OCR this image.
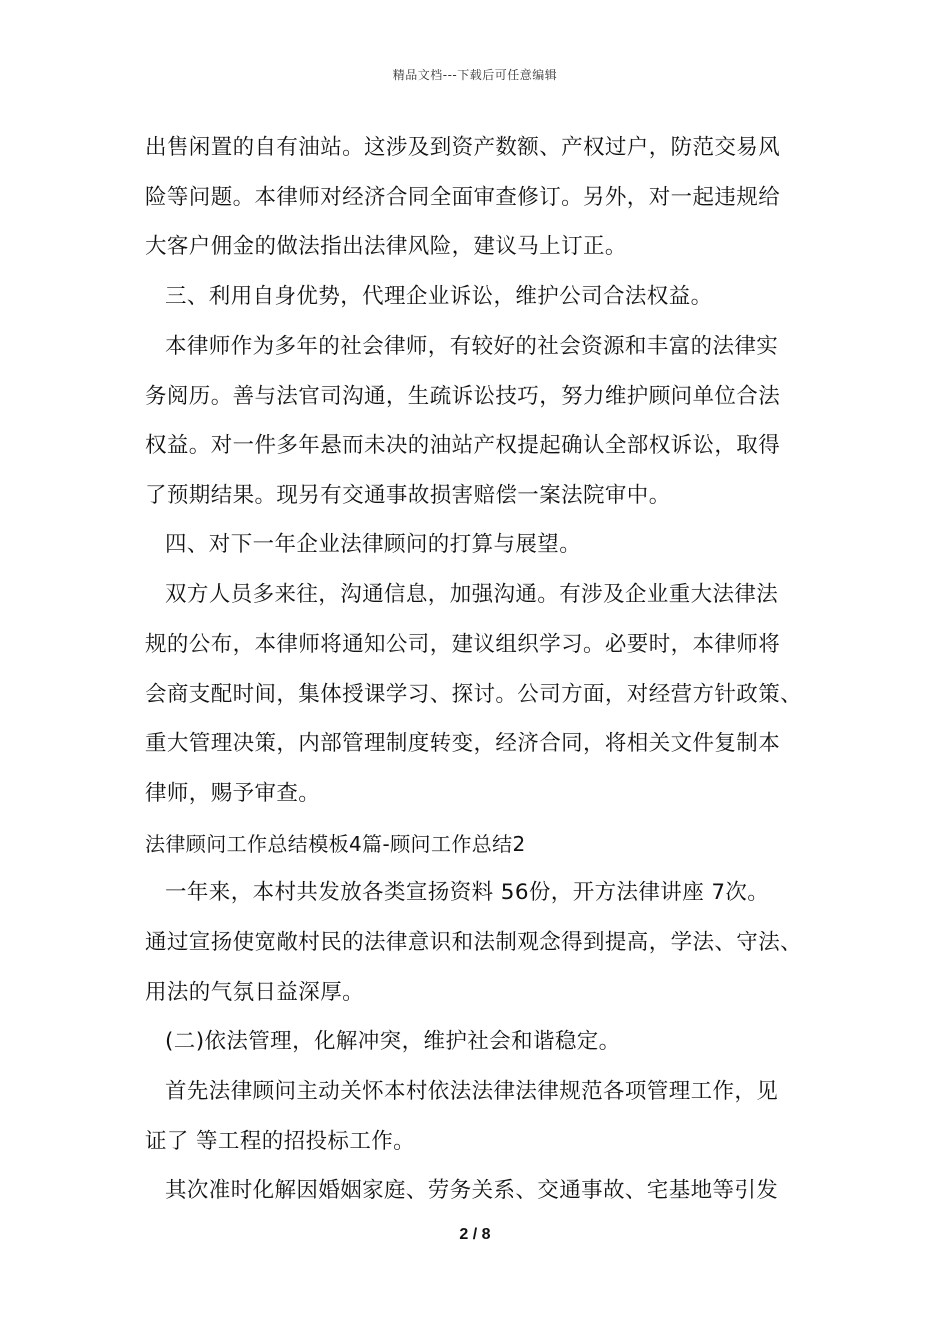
精品文档---下载后可任意编辑
出售闲置的自有油站。这涉及到资产数额、产权过户，防范交易风
险等问题。本律师对经济合同全面审查修订。另外，对一起违规给
大客户佣金的做法指出法律风险，建议马上订正。
三、利用自身优势，代理企业诉讼，维护公司合法权益。
本律师作为多年的社会律师，有较好的社会资源和丰富的法律实
务阅历。善与法官司沟通，生疏诉讼技巧，努力维护顾问单位合法
权益。对一件多年悬而未决的油站产权提起确认全部权诉讼，取得
了预期结果。现另有交通事故损害赔偿一案法院审中。
四、对下一年企业法律顾问的打算与展望。
双方人员多来往，沟通信息，加强沟通。有涉及企业重大法律法
规的公布，本律师将通知公司，建议组织学习。必要时，本律师将
会商支配时间，集体授课学习、探讨。公司方面，对经营方针政策、
重大管理决策，内部管理制度转变，经济合同，将相关文件复制本
律师，赐予审查。
法律顾问工作总结模板4篇-顾问工作总结2
一年来，本村共发放各类宣扬资料 56份，开方法律讲座 7次。
通过宣扬使宽敞村民的法律意识和法制观念得到提高，学法、守法、
用法的气氛日益深厚。
(二)依法管理，化解冲突，维护社会和谐稳定。
首先法律顾问主动关怀本村依法法律法律规范各项管理工作，见
证了 等工程的招投标工作。
其次准时化解因婚姻家庭、劳务关系、交通事故、宅基地等引发
2 / 8
